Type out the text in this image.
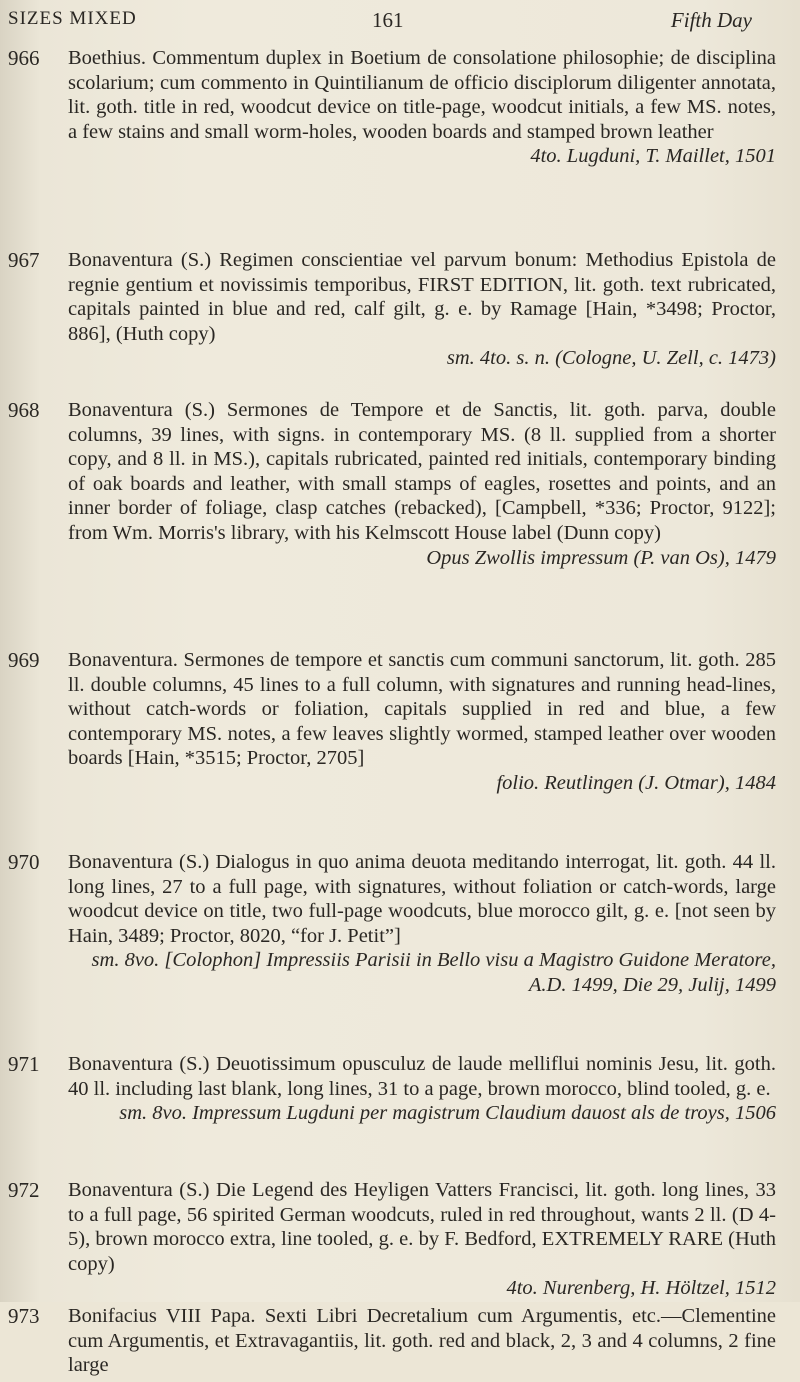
SIZES MIXED	161	Fifth Day
966	Boethius. Commentum duplex in Boetium de consolatione philosophie; de disciplina scolarium; cum commento in Quintilianum de officio disciplorum diligenter annotata, lit. goth. title in red, woodcut device on title-page, woodcut initials, a few MS. notes, a few stains and small worm-holes, wooden boards and stamped brown leather
4to. Lugduni, T. Maillet, 1501
967	Bonaventura (S.) Regimen conscientiae vel parvum bonum: Methodius Epistola de regnie gentium et novissimis temporibus, FIRST EDITION, lit. goth. text rubricated, capitals painted in blue and red, calf gilt, g. e. by Ramage [Hain, *3498; Proctor, 886], (Huth copy)
sm. 4to. s. n. (Cologne, U. Zell, c. 1473)
968	Bonaventura (S.) Sermones de Tempore et de Sanctis, lit. goth. parva, double columns, 39 lines, with signs. in contemporary MS. (8 ll. supplied from a shorter copy, and 8 ll. in MS.), capitals rubricated, painted red initials, contemporary binding of oak boards and leather, with small stamps of eagles, rosettes and points, and an inner border of foliage, clasp catches (rebacked), [Campbell, *336; Proctor, 9122]; from Wm. Morris's library, with his Kelmscott House label (Dunn copy)
Opus Zwollis impressum (P. van Os), 1479
969	Bonaventura. Sermones de tempore et sanctis cum communi sanctorum, lit. goth. 285 ll. double columns, 45 lines to a full column, with signatures and running head-lines, without catch-words or foliation, capitals supplied in red and blue, a few contemporary MS. notes, a few leaves slightly wormed, stamped leather over wooden boards [Hain, *3515; Proctor, 2705]
folio. Reutlingen (J. Otmar), 1484
970	Bonaventura (S.) Dialogus in quo anima deuota meditando interrogat, lit. goth. 44 ll. long lines, 27 to a full page, with signatures, without foliation or catch-words, large woodcut device on title, two full-page woodcuts, blue morocco gilt, g. e. [not seen by Hain, 3489; Proctor, 8020, “for J. Petit”]
sm. 8vo. [Colophon] Impressiis Parisii in Bello visu a Magistro Guidone Meratore, A.D. 1499, Die 29, Julij, 1499
971	Bonaventura (S.) Deuotissimum opusculuz de laude melliflui nominis Jesu, lit. goth. 40 ll. including last blank, long lines, 31 to a page, brown morocco, blind tooled, g. e.
sm. 8vo. Impressum Lugduni per magistrum Claudium dauost als de troys, 1506
972	Bonaventura (S.) Die Legend des Heyligen Vatters Francisci, lit. goth. long lines, 33 to a full page, 56 spirited German woodcuts, ruled in red throughout, wants 2 ll. (D 4-5), brown morocco extra, line tooled, g. e. by F. Bedford, EXTREMELY RARE (Huth copy)
4to. Nurenberg, H. Höltzel, 1512
973	Bonifacius VIII Papa. Sexti Libri Decretalium cum Argumentis, etc.—Clementine cum Argumentis, et Extravagantiis, lit. goth. red and black, 2, 3 and 4 columns, 2 fine large
